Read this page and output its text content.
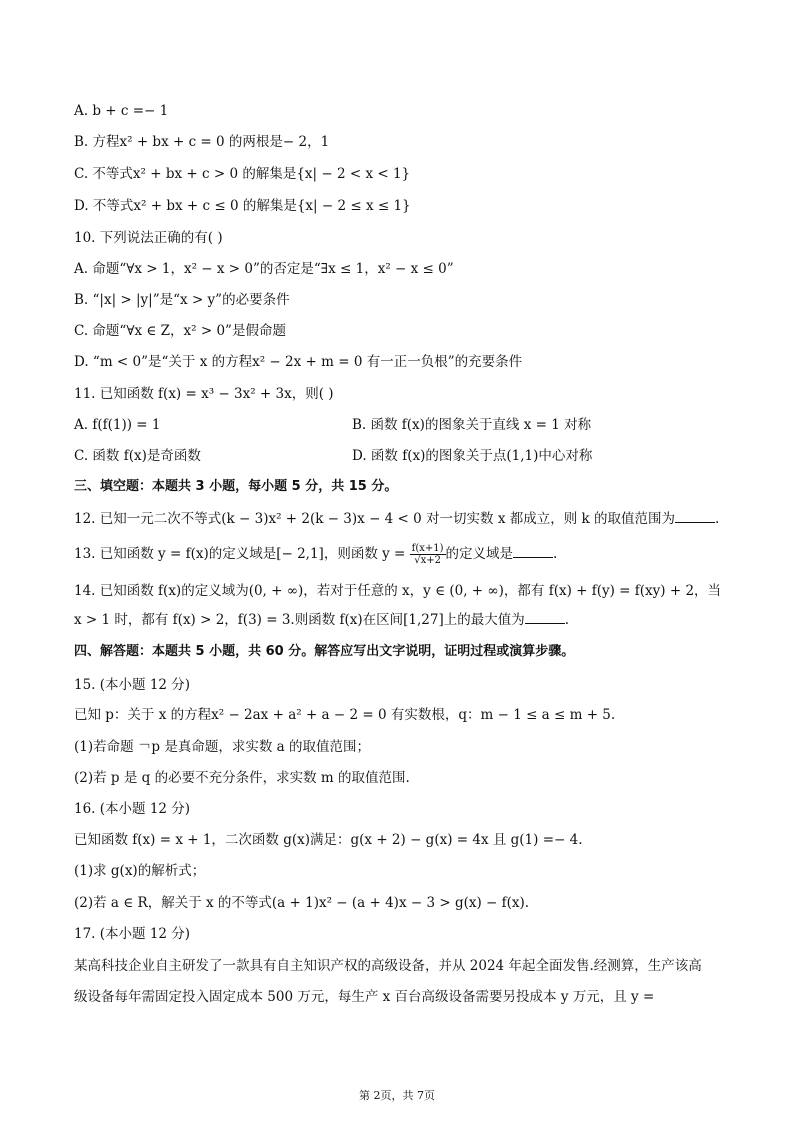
A. b + c =− 1
B. 方程x² + bx + c = 0 的两根是− 2，1
C. 不等式x² + bx + c > 0 的解集是{x| − 2 < x < 1}
D. 不等式x² + bx + c ≤ 0 的解集是{x| − 2 ≤ x ≤ 1}
10. 下列说法正确的有( )
A. 命题“∀x > 1，x² − x > 0”的否定是“∃x ≤ 1，x² − x ≤ 0”
B. “|x| > |y|”是“x > y”的必要条件
C. 命题“∀x ∈ Z，x² > 0”是假命题
D. “m < 0”是“关于 x 的方程x² − 2x + m = 0 有一正一负根”的充要条件
11. 已知函数 f(x) = x³ − 3x² + 3x，则( )
A. f(f(1)) = 1	B. 函数 f(x)的图象关于直线 x = 1 对称
C. 函数 f(x)是奇函数	D. 函数 f(x)的图象关于点(1,1)中心对称
三、填空题：本题共 3 小题，每小题 5 分，共 15 分。
12. 已知一元二次不等式(k − 3)x² + 2(k − 3)x − 4 < 0 对一切实数 x 都成立，则 k 的取值范围为	.
13. 已知函数 y = f(x)的定义域是[− 2,1]，则函数 $y = \frac{f(x+1)}{√x+2}$ 的定义域是	.
14. 已知函数 f(x)的定义域为(0, + ∞)，若对于任意的 x，y ∈ (0, + ∞)，都有 f(x) + f(y) = f(xy) + 2，当
x > 1 时，都有 f(x) > 2，f(3) = 3.则函数 f(x)在区间[1,27]上的最大值为	.
四、解答题：本题共 5 小题，共 60 分。解答应写出文字说明，证明过程或演算步骤。
15. (本小题 12 分)
已知 p：关于 x 的方程x² − 2ax + a² + a − 2 = 0 有实数根，q：m − 1 ≤ a ≤ m + 5.
(1)若命题 ￢p 是真命题，求实数 a 的取值范围；
(2)若 p 是 q 的必要不充分条件，求实数 m 的取值范围.
16. (本小题 12 分)
已知函数 f(x) = x + 1，二次函数 g(x)满足：g(x + 2) − g(x) = 4x 且 g(1) =− 4.
(1)求 g(x)的解析式；
(2)若 a ∈ R，解关于 x 的不等式(a + 1)x² − (a + 4)x − 3 > g(x) − f(x).
17. (本小题 12 分)
某高科技企业自主研发了一款具有自主知识产权的高级设备，并从 2024 年起全面发售.经测算，生产该高
级设备每年需固定投入固定成本 500 万元，每生产 x 百台高级设备需要另投成本 y 万元，且 y =
第 2页，共 7页
